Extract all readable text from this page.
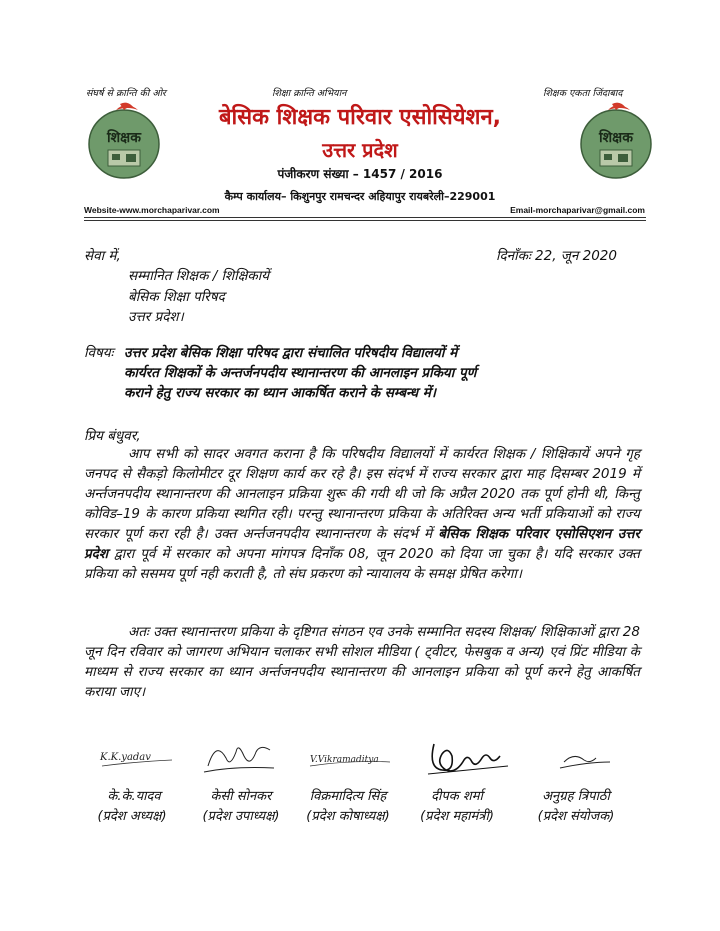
संघर्ष से क्रान्ति की ओर	शिक्षा क्रान्ति अभियान	शिक्षक एकता जिंदाबाद
शिक्षक	शिक्षक
बेसिक शिक्षक परिवार एसोसियेशन,
उत्तर प्रदेश
पंजीकरण संख्या – 1457 / 2016
कैम्प कार्यालय– किशुनपुर रामचन्दर अहियापुर रायबरेली–229001
Website-www.morchaparivar.com	Email-morchaparivar@gmail.com
सेवा में,	दिनाँकः 22, जून 2020
सम्मानित शिक्षक / शिक्षिकायें
बेसिक शिक्षा परिषद
उत्तर प्रदेश।
विषयः उत्तर प्रदेश बेसिक शिक्षा परिषद द्वारा संचालित परिषदीय विद्यालयों में
कार्यरत शिक्षकों के अन्तर्जनपदीय स्थानान्तरण की आनलाइन प्रकिया पूर्ण
कराने हेतु राज्य सरकार का ध्यान आकर्षित कराने के सम्बन्ध में।
प्रिय बंधुवर,
आप सभी को सादर अवगत कराना है कि परिषदीय विद्यालयों में कार्यरत शिक्षक / शिक्षिकायें अपने गृह जनपद से सैकड़ो किलोमीटर दूर शिक्षण कार्य कर रहे है। इस संदर्भ में राज्य सरकार द्वारा माह दिसम्बर 2019 में अर्न्तजनपदीय स्थानान्तरण की आनलाइन प्रक्रिया शुरू की गयी थी जो कि अप्रैल 2020 तक पूर्ण होनी थी, किन्तु कोविड–19 के कारण प्रकिया स्थगित रही। परन्तु स्थानान्तरण प्रकिया के अतिरिक्त अन्य भर्ती प्रकियाओं को राज्य सरकार पूर्ण करा रही है। उक्त अर्न्तजनपदीय स्थानान्तरण के संदर्भ में बेसिक शिक्षक परिवार एसोसिएशन उत्तर प्रदेश द्वारा पूर्व में सरकार को अपना मांगपत्र दिनाँक 08, जून 2020 को दिया जा चुका है। यदि सरकार उक्त प्रकिया को ससमय पूर्ण नही कराती है, तो संघ प्रकरण को न्यायालय के समक्ष प्रेषित करेगा।
अतः उक्त स्थानान्तरण प्रकिया के दृष्टिगत संगठन एव उनके सम्मानित सदस्य शिक्षक/ शिक्षिकाओं द्वारा 28 जून दिन रविवार को जागरण अभियान चलाकर सभी सोशल मीडिया ( ट्वीटर, फेसबुक व अन्य) एवं प्रिंट मीडिया के माध्यम से राज्य सरकार का ध्यान अर्न्तजनपदीय स्थानान्तरण की आनलाइन प्रकिया को पूर्ण करने हेतु आकर्षित कराया जाए।
K.K.yadav	V.Vikramaditya
के.के.यादव
(प्रदेश अध्यक्ष)
केसी सोनकर
(प्रदेश उपाध्यक्ष)
विक्रमादित्य सिंह
(प्रदेश कोषाध्यक्ष)
दीपक शर्मा
(प्रदेश महामंत्री)
अनुग्रह त्रिपाठी
(प्रदेश संयोजक)
